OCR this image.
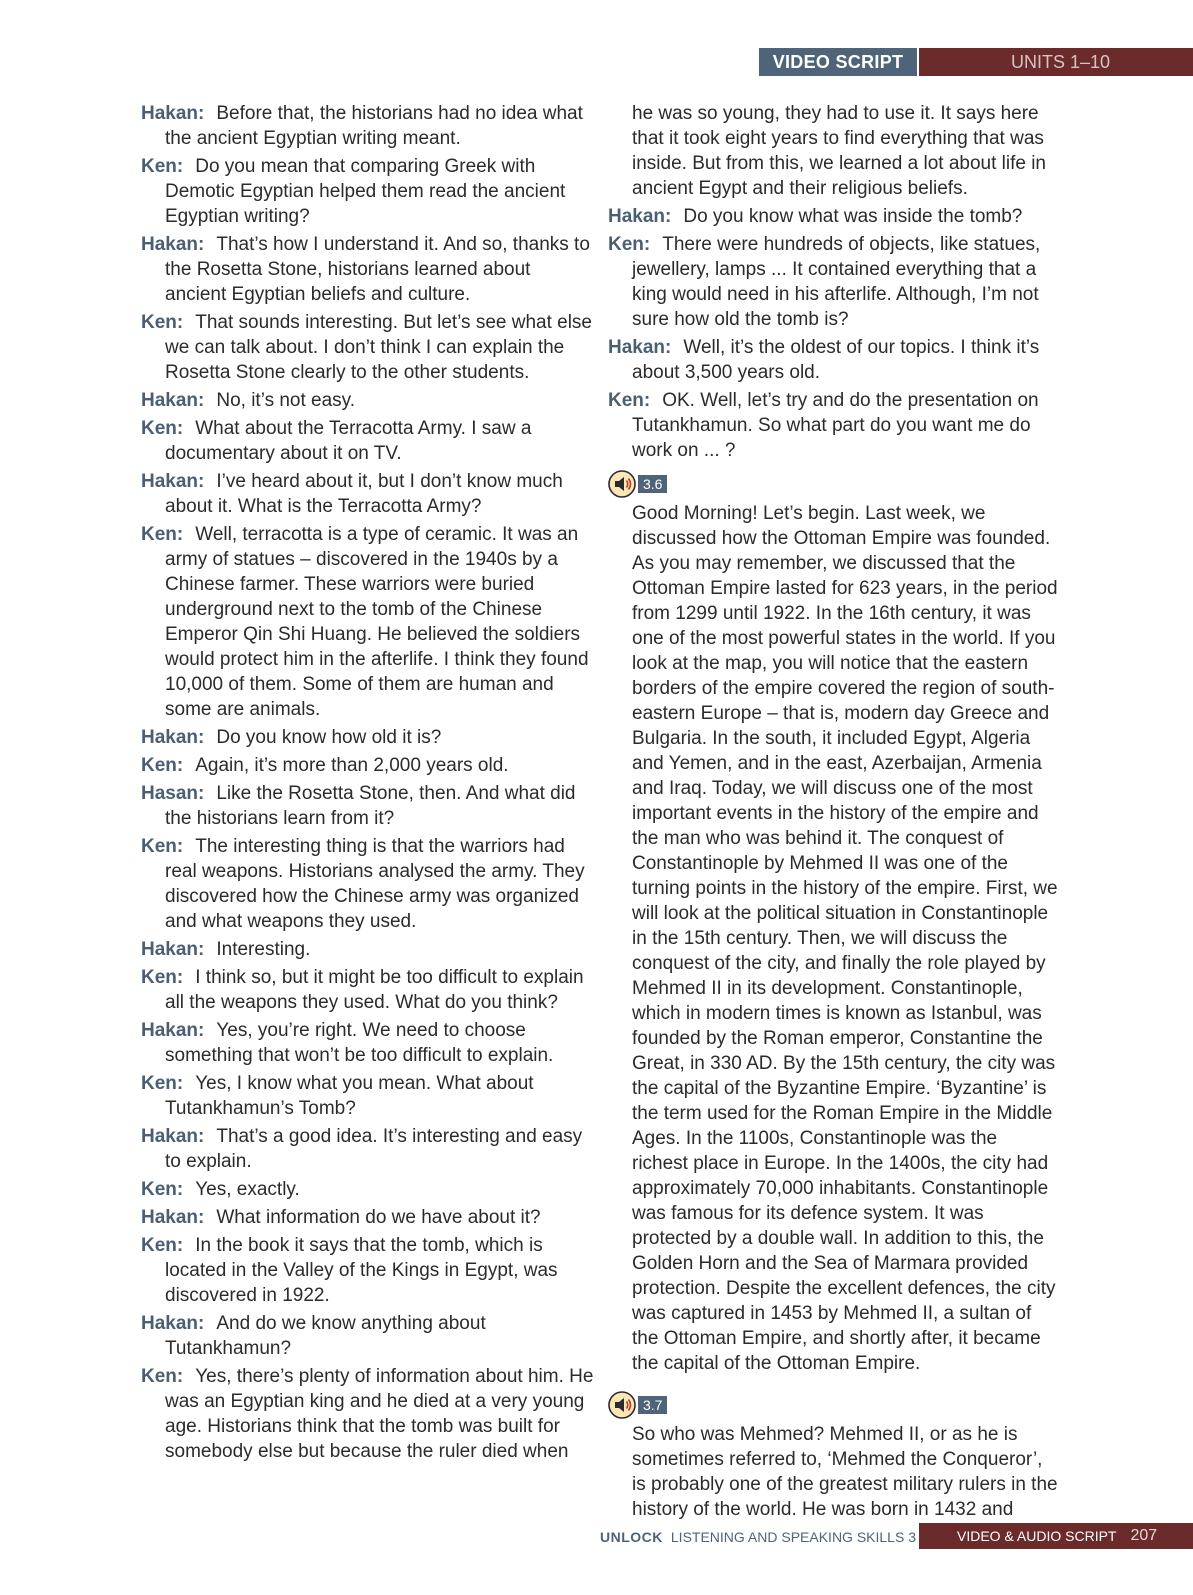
VIDEO SCRIPT	UNITS 1–10
Hakan: Before that, the historians had no idea what the ancient Egyptian writing meant.
Ken: Do you mean that comparing Greek with Demotic Egyptian helped them read the ancient Egyptian writing?
Hakan: That’s how I understand it. And so, thanks to the Rosetta Stone, historians learned about ancient Egyptian beliefs and culture.
Ken: That sounds interesting. But let’s see what else we can talk about. I don’t think I can explain the Rosetta Stone clearly to the other students.
Hakan: No, it’s not easy.
Ken: What about the Terracotta Army. I saw a documentary about it on TV.
Hakan: I’ve heard about it, but I don’t know much about it. What is the Terracotta Army?
Ken: Well, terracotta is a type of ceramic. It was an army of statues – discovered in the 1940s by a Chinese farmer. These warriors were buried underground next to the tomb of the Chinese Emperor Qin Shi Huang. He believed the soldiers would protect him in the afterlife. I think they found 10,000 of them. Some of them are human and some are animals.
Hakan: Do you know how old it is?
Ken: Again, it’s more than 2,000 years old.
Hasan: Like the Rosetta Stone, then. And what did the historians learn from it?
Ken: The interesting thing is that the warriors had real weapons. Historians analysed the army. They discovered how the Chinese army was organized and what weapons they used.
Hakan: Interesting.
Ken: I think so, but it might be too difficult to explain all the weapons they used. What do you think?
Hakan: Yes, you’re right. We need to choose something that won’t be too difficult to explain.
Ken: Yes, I know what you mean. What about Tutankhamun’s Tomb?
Hakan: That’s a good idea. It’s interesting and easy to explain.
Ken: Yes, exactly.
Hakan: What information do we have about it?
Ken: In the book it says that the tomb, which is located in the Valley of the Kings in Egypt, was discovered in 1922.
Hakan: And do we know anything about Tutankhamun?
Ken: Yes, there’s plenty of information about him. He was an Egyptian king and he died at a very young age. Historians think that the tomb was built for somebody else but because the ruler died when
he was so young, they had to use it. It says here that it took eight years to find everything that was inside. But from this, we learned a lot about life in ancient Egypt and their religious beliefs.
Hakan: Do you know what was inside the tomb?
Ken: There were hundreds of objects, like statues, jewellery, lamps ... It contained everything that a king would need in his afterlife. Although, I’m not sure how old the tomb is?
Hakan: Well, it’s the oldest of our topics. I think it’s about 3,500 years old.
Ken: OK. Well, let’s try and do the presentation on Tutankhamun. So what part do you want me do work on ... ?
3.6
Good Morning! Let’s begin. Last week, we discussed how the Ottoman Empire was founded. As you may remember, we discussed that the Ottoman Empire lasted for 623 years, in the period from 1299 until 1922. In the 16th century, it was one of the most powerful states in the world. If you look at the map, you will notice that the eastern borders of the empire covered the region of south-eastern Europe – that is, modern day Greece and Bulgaria. In the south, it included Egypt, Algeria and Yemen, and in the east, Azerbaijan, Armenia and Iraq. Today, we will discuss one of the most important events in the history of the empire and the man who was behind it. The conquest of Constantinople by Mehmed II was one of the turning points in the history of the empire. First, we will look at the political situation in Constantinople in the 15th century. Then, we will discuss the conquest of the city, and finally the role played by Mehmed II in its development. Constantinople, which in modern times is known as Istanbul, was founded by the Roman emperor, Constantine the Great, in 330 AD. By the 15th century, the city was the capital of the Byzantine Empire. ‘Byzantine’ is the term used for the Roman Empire in the Middle Ages. In the 1100s, Constantinople was the richest place in Europe. In the 1400s, the city had approximately 70,000 inhabitants. Constantinople was famous for its defence system. It was protected by a double wall. In addition to this, the Golden Horn and the Sea of Marmara provided protection. Despite the excellent defences, the city was captured in 1453 by Mehmed II, a sultan of the Ottoman Empire, and shortly after, it became the capital of the Ottoman Empire.
3.7
So who was Mehmed? Mehmed II, or as he is sometimes referred to, ‘Mehmed the Conqueror’, is probably one of the greatest military rulers in the history of the world. He was born in 1432 and
UNLOCK LISTENING AND SPEAKING SKILLS 3	VIDEO & AUDIO SCRIPT 207
